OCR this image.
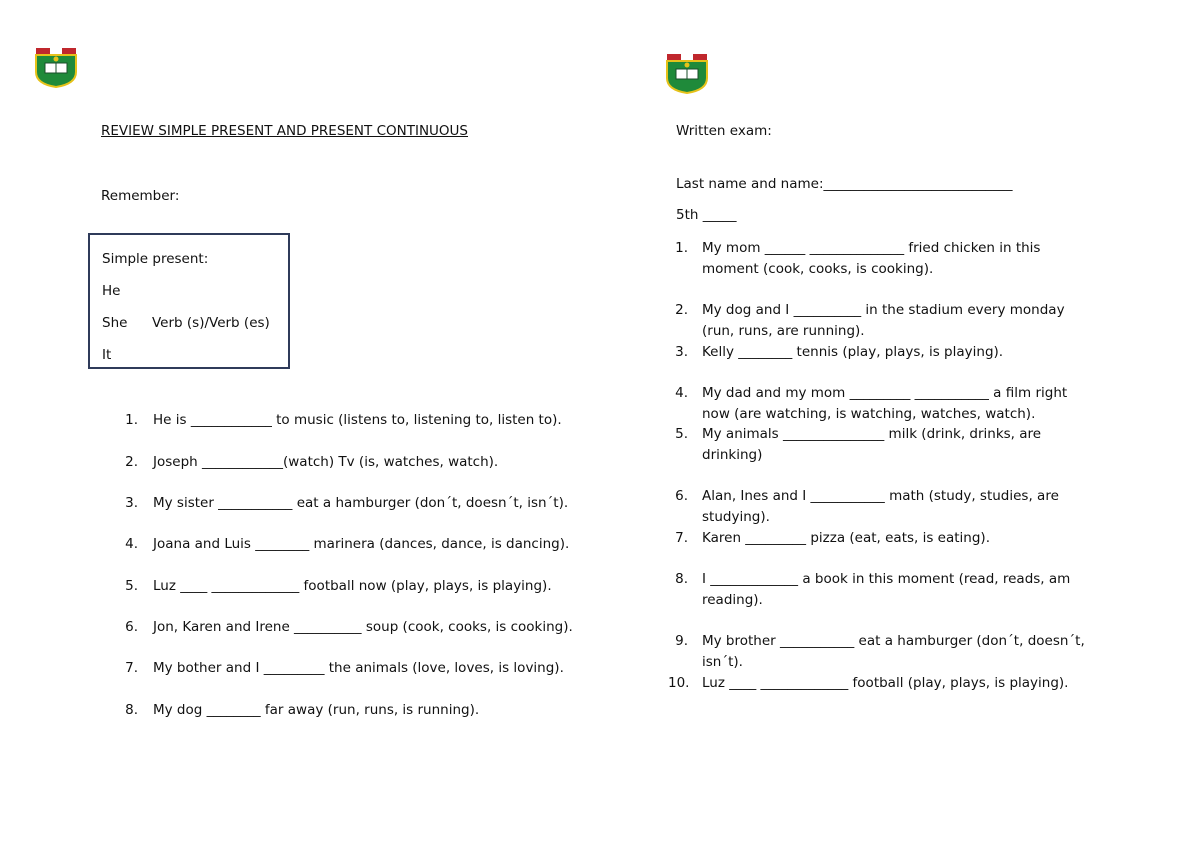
REVIEW SIMPLE PRESENT AND PRESENT CONTINUOUS
Remember:
Simple present:
He
She Verb (s)/Verb (es)
It
1. He is ____________ to music (listens to, listening to, listen to).
2. Joseph ____________(watch) Tv (is, watches, watch).
3. My sister ___________ eat a hamburger (don´t, doesn´t, isn´t).
4. Joana and Luis ________ marinera (dances, dance, is dancing).
5. Luz ____ _____________ football now (play, plays, is playing).
6. Jon, Karen and Irene __________ soup (cook, cooks, is cooking).
7. My bother and I _________ the animals (love, loves, is loving).
8. My dog ________ far away (run, runs, is running).
Written exam:
Last name and name:____________________________
5th _____
1. My mom ______ ______________ fried chicken in this
moment (cook, cooks, is cooking).
2. My dog and I __________ in the stadium every monday
(run, runs, are running).
3. Kelly ________ tennis (play, plays, is playing).
4. My dad and my mom _________ ___________ a film right
now (are watching, is watching, watches, watch).
5. My animals _______________ milk (drink, drinks, are
drinking)
6. Alan, Ines and I ___________ math (study, studies, are
studying).
7. Karen _________ pizza (eat, eats, is eating).
8. I _____________ a book in this moment (read, reads, am
reading).
9. My brother ___________ eat a hamburger (don´t, doesn´t,
isn´t).
10. Luz ____ _____________ football (play, plays, is playing).
